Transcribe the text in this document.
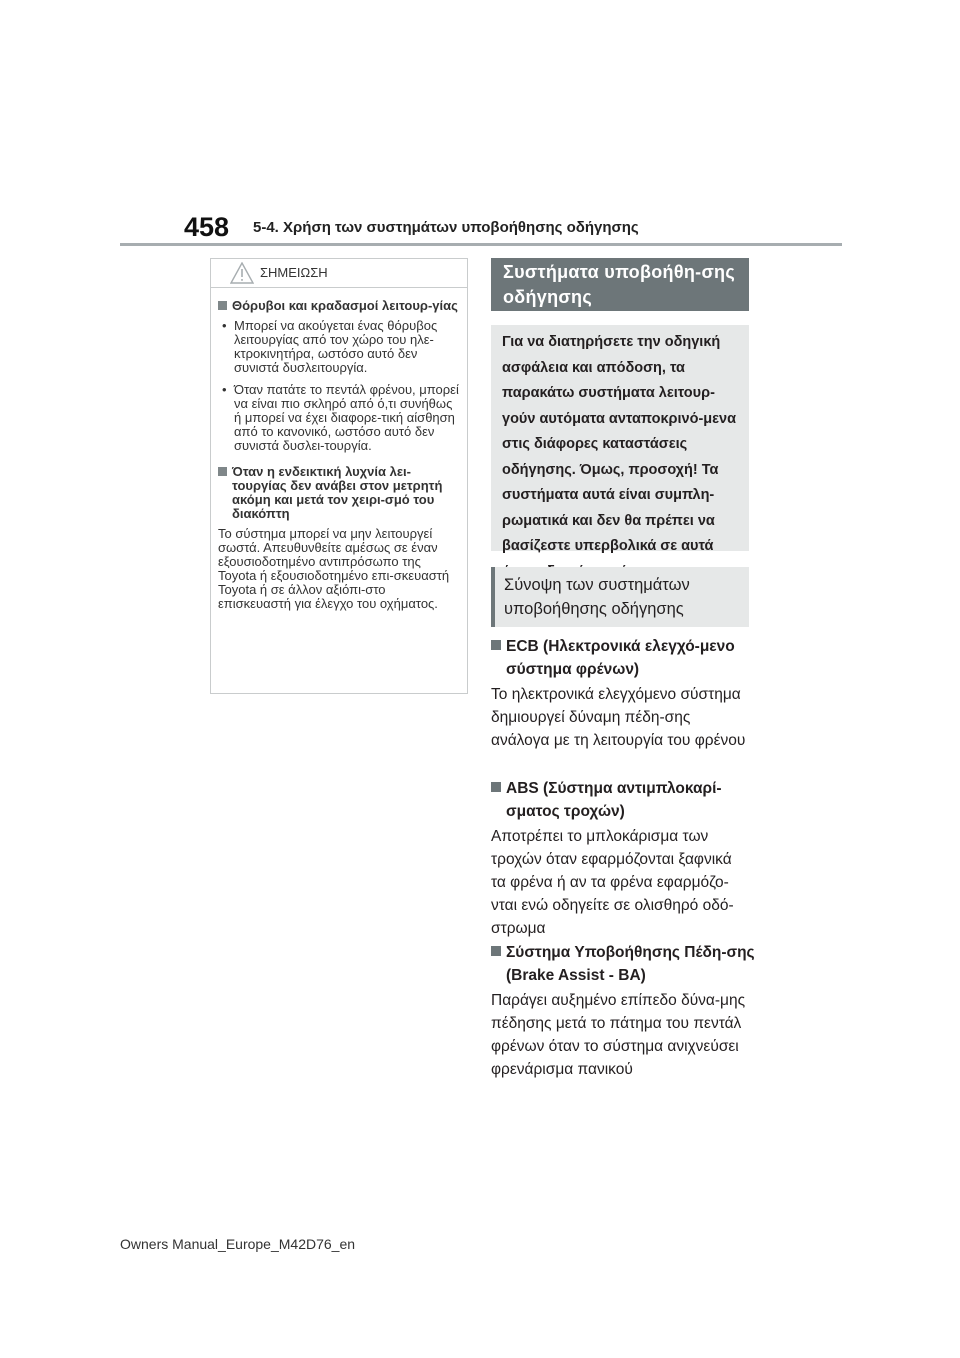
458 5-4. Χρήση των συστημάτων υποβοήθησης οδήγησης
ΣΗΜΕΙΩΣΗ
Θόρυβοι και κραδασμοί λειτουρ-γίας
• Μπορεί να ακούγεται ένας θόρυβος λειτουργίας από τον χώρο του ηλε-κτροκινητήρα, ωστόσο αυτό δεν συνιστά δυσλειτουργία.
• Όταν πατάτε το πεντάλ φρένου, μπορεί να είναι πιο σκληρό από ό,τι συνήθως ή μπορεί να έχει διαφορε-τική αίσθηση από το κανονικό, ωστόσο αυτό δεν συνιστά δυσλει-τουργία.
Όταν η ενδεικτική λυχνία λει-τουργίας δεν ανάβει στον μετρητή ακόμη και μετά τον χειρι-σμό του διακόπτη

Το σύστημα μπορεί να μην λειτουργεί σωστά. Απευθυνθείτε αμέσως σε έναν εξουσιοδοτημένο αντιπρόσωπο της Toyota ή εξουσιοδοτημένο επι-σκευαστή Toyota ή σε άλλον αξιόπι-στο επισκευαστή για έλεγχο του οχήματος.

Συστήματα υποβοήθη-σης οδήγησης
Για να διατηρήσετε την οδηγική ασφάλεια και απόδοση, τα παρακάτω συστήματα λειτουρ-γούν αυτόματα ανταποκρινό-μενα στις διάφορες καταστάσεις οδήγησης. Όμως, προσοχή! Τα συστήματα αυτά είναι συμπλη-ρωματικά και δεν θα πρέπει να βασίζεστε υπερβολικά σε αυτά
Σύνοψη των συστημάτων υποβοήθησης οδήγησης
ECB (Ηλεκτρονικά ελεγχό-μενο σύστημα φρένων)
Το ηλεκτρονικά ελεγχόμενο σύστημα δημιουργεί δύναμη πέδη-σης ανάλογα με τη λειτουργία του φρένου
ABS (Σύστημα αντιμπλοκαρί-σματος τροχών)
Αποτρέπει το μπλοκάρισμα των τροχών όταν εφαρμόζονται ξαφνικά τα φρένα ή αν τα φρένα εφαρμόζο-νται ενώ οδηγείτε σε ολισθηρό οδό-στρωμα
Σύστημα Υποβοήθησης Πέδη-σης (Brake Assist - BA)
Παράγει αυξημένο επίπεδο δύνα-μης πέδησης μετά το πάτημα του πεντάλ φρένων όταν το σύστημα ανιχνεύσει φρενάρισμα πανικού
Owners Manual_Europe_M42D76_en
